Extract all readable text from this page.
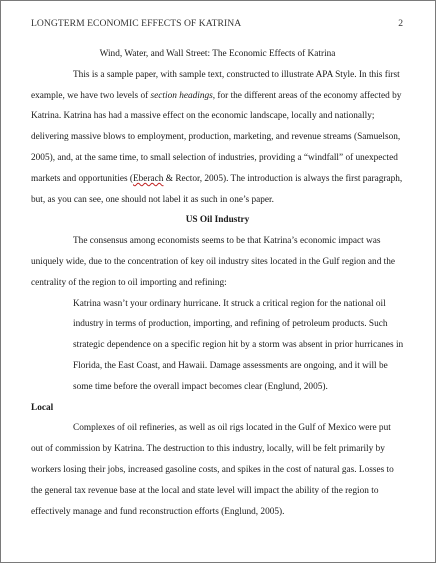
LONGTERM ECONOMIC EFFECTS OF KATRINA	2

Wind, Water, and Wall Street: The Economic Effects of Katrina

This is a sample paper, with sample text, constructed to illustrate APA Style. In this first example, we have two levels of section headings, for the different areas of the economy affected by Katrina. Katrina has had a massive effect on the economic landscape, locally and nationally; delivering massive blows to employment, production, marketing, and revenue streams (Samuelson, 2005), and, at the same time, to small selection of industries, providing a “windfall” of unexpected markets and opportunities (Eberach & Rector, 2005). The introduction is always the first paragraph, but, as you can see, one should not label it as such in one’s paper.

US Oil Industry

The consensus among economists seems to be that Katrina’s economic impact was uniquely wide, due to the concentration of key oil industry sites located in the Gulf region and the centrality of the region to oil importing and refining:

Katrina wasn’t your ordinary hurricane. It struck a critical region for the national oil industry in terms of production, importing, and refining of petroleum products. Such strategic dependence on a specific region hit by a storm was absent in prior hurricanes in Florida, the East Coast, and Hawaii. Damage assessments are ongoing, and it will be some time before the overall impact becomes clear (Englund, 2005).

Local

Complexes of oil refineries, as well as oil rigs located in the Gulf of Mexico were put out of commission by Katrina. The destruction to this industry, locally, will be felt primarily by workers losing their jobs, increased gasoline costs, and spikes in the cost of natural gas. Losses to the general tax revenue base at the local and state level will impact the ability of the region to effectively manage and fund reconstruction efforts (Englund, 2005).
